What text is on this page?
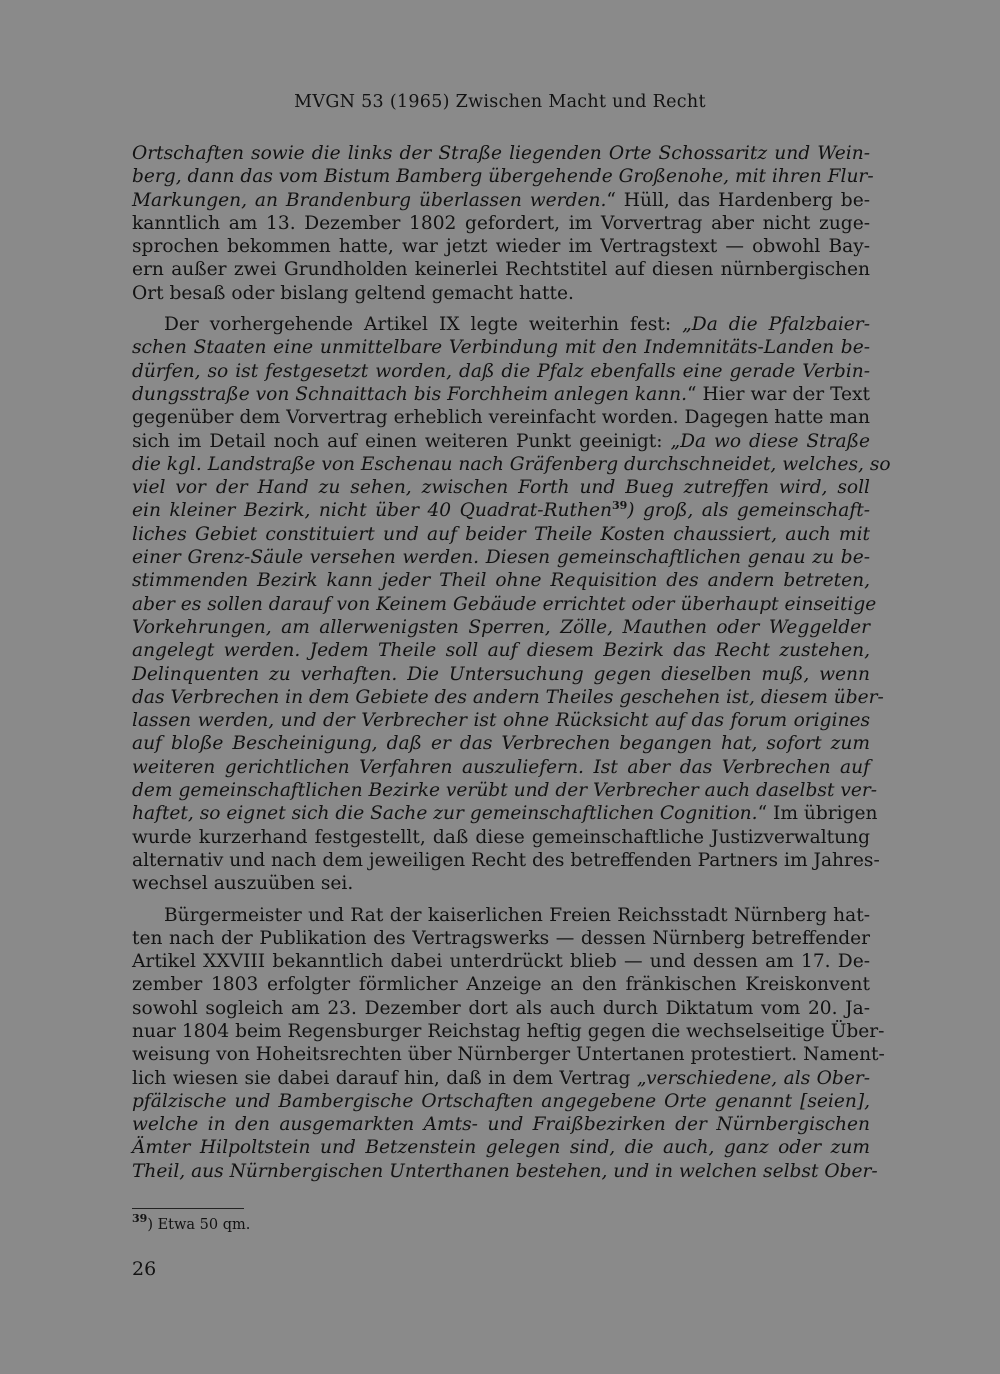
MVGN 53 (1965) Zwischen Macht und Recht
Ortschaften sowie die links der Straße liegenden Orte Schossaritz und Wein-
berg, dann das vom Bistum Bamberg übergehende Großenohe, mit ihren Flur-
Markungen, an Brandenburg überlassen werden.“ Hüll, das Hardenberg be-
kanntlich am 13. Dezember 1802 gefordert, im Vorvertrag aber nicht zuge-
sprochen bekommen hatte, war jetzt wieder im Vertragstext — obwohl Bay-
ern außer zwei Grundholden keinerlei Rechtstitel auf diesen nürnbergischen
Ort besaß oder bislang geltend gemacht hatte.
Der vorhergehende Artikel IX legte weiterhin fest: „Da die Pfalzbaier-
schen Staaten eine unmittelbare Verbindung mit den Indemnitäts-Landen be-
dürfen, so ist festgesetzt worden, daß die Pfalz ebenfalls eine gerade Verbin-
dungsstraße von Schnaittach bis Forchheim anlegen kann.“ Hier war der Text
gegenüber dem Vorvertrag erheblich vereinfacht worden. Dagegen hatte man
sich im Detail noch auf einen weiteren Punkt geeinigt: „Da wo diese Straße
die kgl. Landstraße von Eschenau nach Gräfenberg durchschneidet, welches, so
viel vor der Hand zu sehen, zwischen Forth und Bueg zutreffen wird, soll
ein kleiner Bezirk, nicht über 40 Quadrat-Ruthen$^{39}$) groß, als gemeinschaft-
liches Gebiet constituiert und auf beider Theile Kosten chaussiert, auch mit
einer Grenz-Säule versehen werden. Diesen gemeinschaftlichen genau zu be-
stimmenden Bezirk kann jeder Theil ohne Requisition des andern betreten,
aber es sollen darauf von Keinem Gebäude errichtet oder überhaupt einseitige
Vorkehrungen, am allerwenigsten Sperren, Zölle, Mauthen oder Weggelder
angelegt werden. Jedem Theile soll auf diesem Bezirk das Recht zustehen,
Delinquenten zu verhaften. Die Untersuchung gegen dieselben muß, wenn
das Verbrechen in dem Gebiete des andern Theiles geschehen ist, diesem über-
lassen werden, und der Verbrecher ist ohne Rücksicht auf das forum origines
auf bloße Bescheinigung, daß er das Verbrechen begangen hat, sofort zum
weiteren gerichtlichen Verfahren auszuliefern. Ist aber das Verbrechen auf
dem gemeinschaftlichen Bezirke verübt und der Verbrecher auch daselbst ver-
haftet, so eignet sich die Sache zur gemeinschaftlichen Cognition.“ Im übrigen
wurde kurzerhand festgestellt, daß diese gemeinschaftliche Justizverwaltung
alternativ und nach dem jeweiligen Recht des betreffenden Partners im Jahres-
wechsel auszuüben sei.
Bürgermeister und Rat der kaiserlichen Freien Reichsstadt Nürnberg hat-
ten nach der Publikation des Vertragswerks — dessen Nürnberg betreffender
Artikel XXVIII bekanntlich dabei unterdrückt blieb — und dessen am 17. De-
zember 1803 erfolgter förmlicher Anzeige an den fränkischen Kreiskonvent
sowohl sogleich am 23. Dezember dort als auch durch Diktatum vom 20. Ja-
nuar 1804 beim Regensburger Reichstag heftig gegen die wechselseitige Über-
weisung von Hoheitsrechten über Nürnberger Untertanen protestiert. Nament-
lich wiesen sie dabei darauf hin, daß in dem Vertrag „verschiedene, als Ober-
pfälzische und Bambergische Ortschaften angegebene Orte genannt [seien],
welche in den ausgemarkten Amts- und Fraißbezirken der Nürnbergischen
Ämter Hilpoltstein und Betzenstein gelegen sind, die auch, ganz oder zum
Theil, aus Nürnbergischen Unterthanen bestehen, und in welchen selbst Ober-
$^{39}$) Etwa 50 qm.
26
